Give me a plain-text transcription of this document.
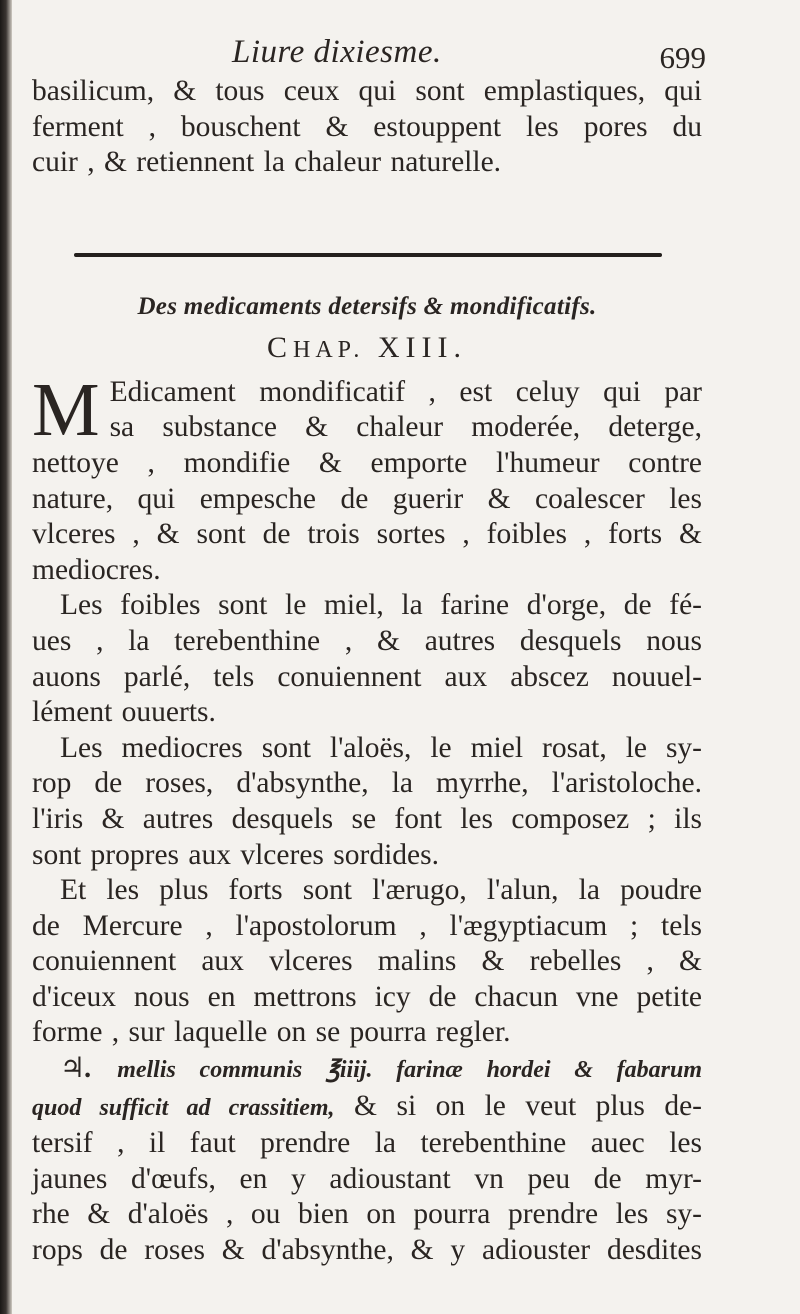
Liure dixiesme.	699

basilicum, & tous ceux qui sont emplastiques, qui

ferment , bouschent & estouppent les pores du

cuir , & retiennent la chaleur naturelle.

Des medicaments detersifs & mondificatifs.
CHAP. XIII.
M Edicament mondificatif , est celuy qui par

sa substance & chaleur moderée, deterge,

nettoye , mondifie & emporte l'humeur contre

nature, qui empesche de guerir & coalescer les

vlceres , & sont de trois sortes , foibles , forts &

mediocres.

Les foibles sont le miel, la farine d'orge, de fé-

ues , la terebenthine , & autres desquels nous

auons parlé, tels conuiennent aux abscez nouuel-

lément ouuerts.

Les mediocres sont l'aloës, le miel rosat, le sy-

rop de roses, d'absynthe, la myrrhe, l'aristoloche.

l'iris & autres desquels se font les composez ; ils

sont propres aux vlceres sordides.

Et les plus forts sont l'ærugo, l'alun, la poudre

de Mercure , l'apostolorum , l'ægyptiacum ; tels

conuiennent aux vlceres malins & rebelles , &

d'iceux nous en mettrons icy de chacun vne petite

forme , sur laquelle on se pourra regler.

♃. mellis communis ℥iiij. farinæ hordei & fabarum

quod sufficit ad crassitiem, & si on le veut plus de-

tersif , il faut prendre la terebenthine auec les

jaunes d'œufs, en y adioustant vn peu de myr-

rhe & d'aloës , ou bien on pourra prendre les sy-

rops de roses & d'absynthe, & y adiouster desdites
